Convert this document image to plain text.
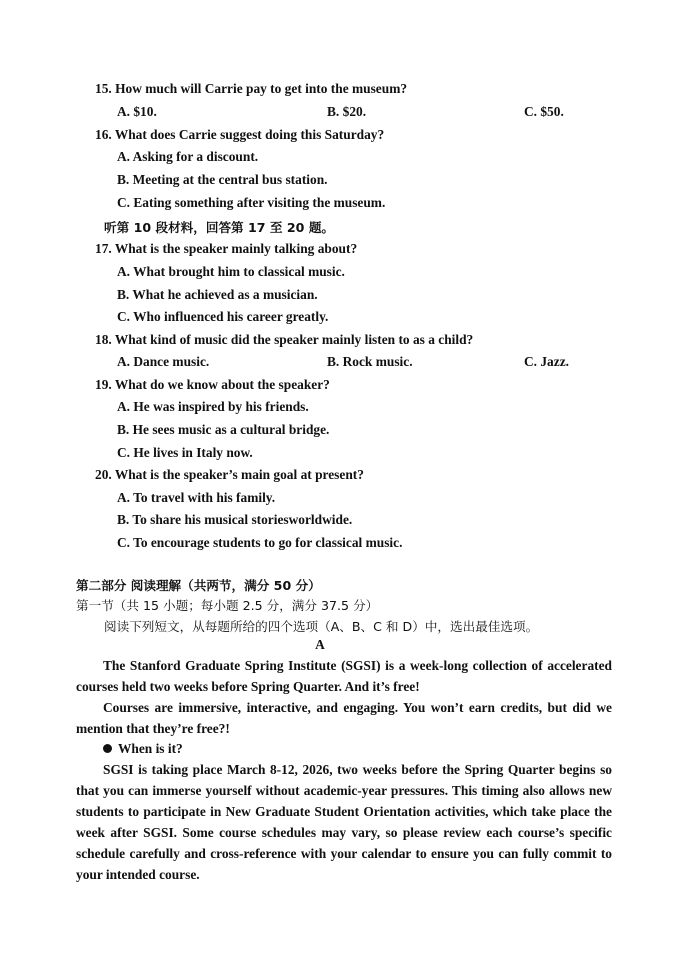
15. How much will Carrie pay to get into the museum?
A. $10.	B. $20.	C. $50.
16. What does Carrie suggest doing this Saturday?
A. Asking for a discount.
B. Meeting at the central bus station.
C. Eating something after visiting the museum.
听第 10 段材料，回答第 17 至 20 题。
17. What is the speaker mainly talking about?
A. What brought him to classical music.
B. What he achieved as a musician.
C. Who influenced his career greatly.
18. What kind of music did the speaker mainly listen to as a child?
A. Dance music.	B. Rock music.	C. Jazz.
19. What do we know about the speaker?
A. He was inspired by his friends.
B. He sees music as a cultural bridge.
C. He lives in Italy now.
20. What is the speaker’s main goal at present?
A. To travel with his family.
B. To share his musical storiesworldwide.
C. To encourage students to go for classical music.
第二部分 阅读理解（共两节，满分 50 分）
第一节（共 15 小题；每小题 2.5 分，满分 37.5 分）
阅读下列短文，从每题所给的四个选项（A、B、C 和 D）中，选出最佳选项。
A
The Stanford Graduate Spring Institute (SGSI) is a week-long collection of accelerated courses held two weeks before Spring Quarter. And it’s free!
Courses are immersive, interactive, and engaging. You won’t earn credits, but did we mention that they’re free?!
When is it?
SGSI is taking place March 8-12, 2026, two weeks before the Spring Quarter begins so that you can immerse yourself without academic-year pressures. This timing also allows new students to participate in New Graduate Student Orientation activities, which take place the week after SGSI. Some course schedules may vary, so please review each course’s specific schedule carefully and cross-reference with your calendar to ensure you can fully commit to your intended course.
